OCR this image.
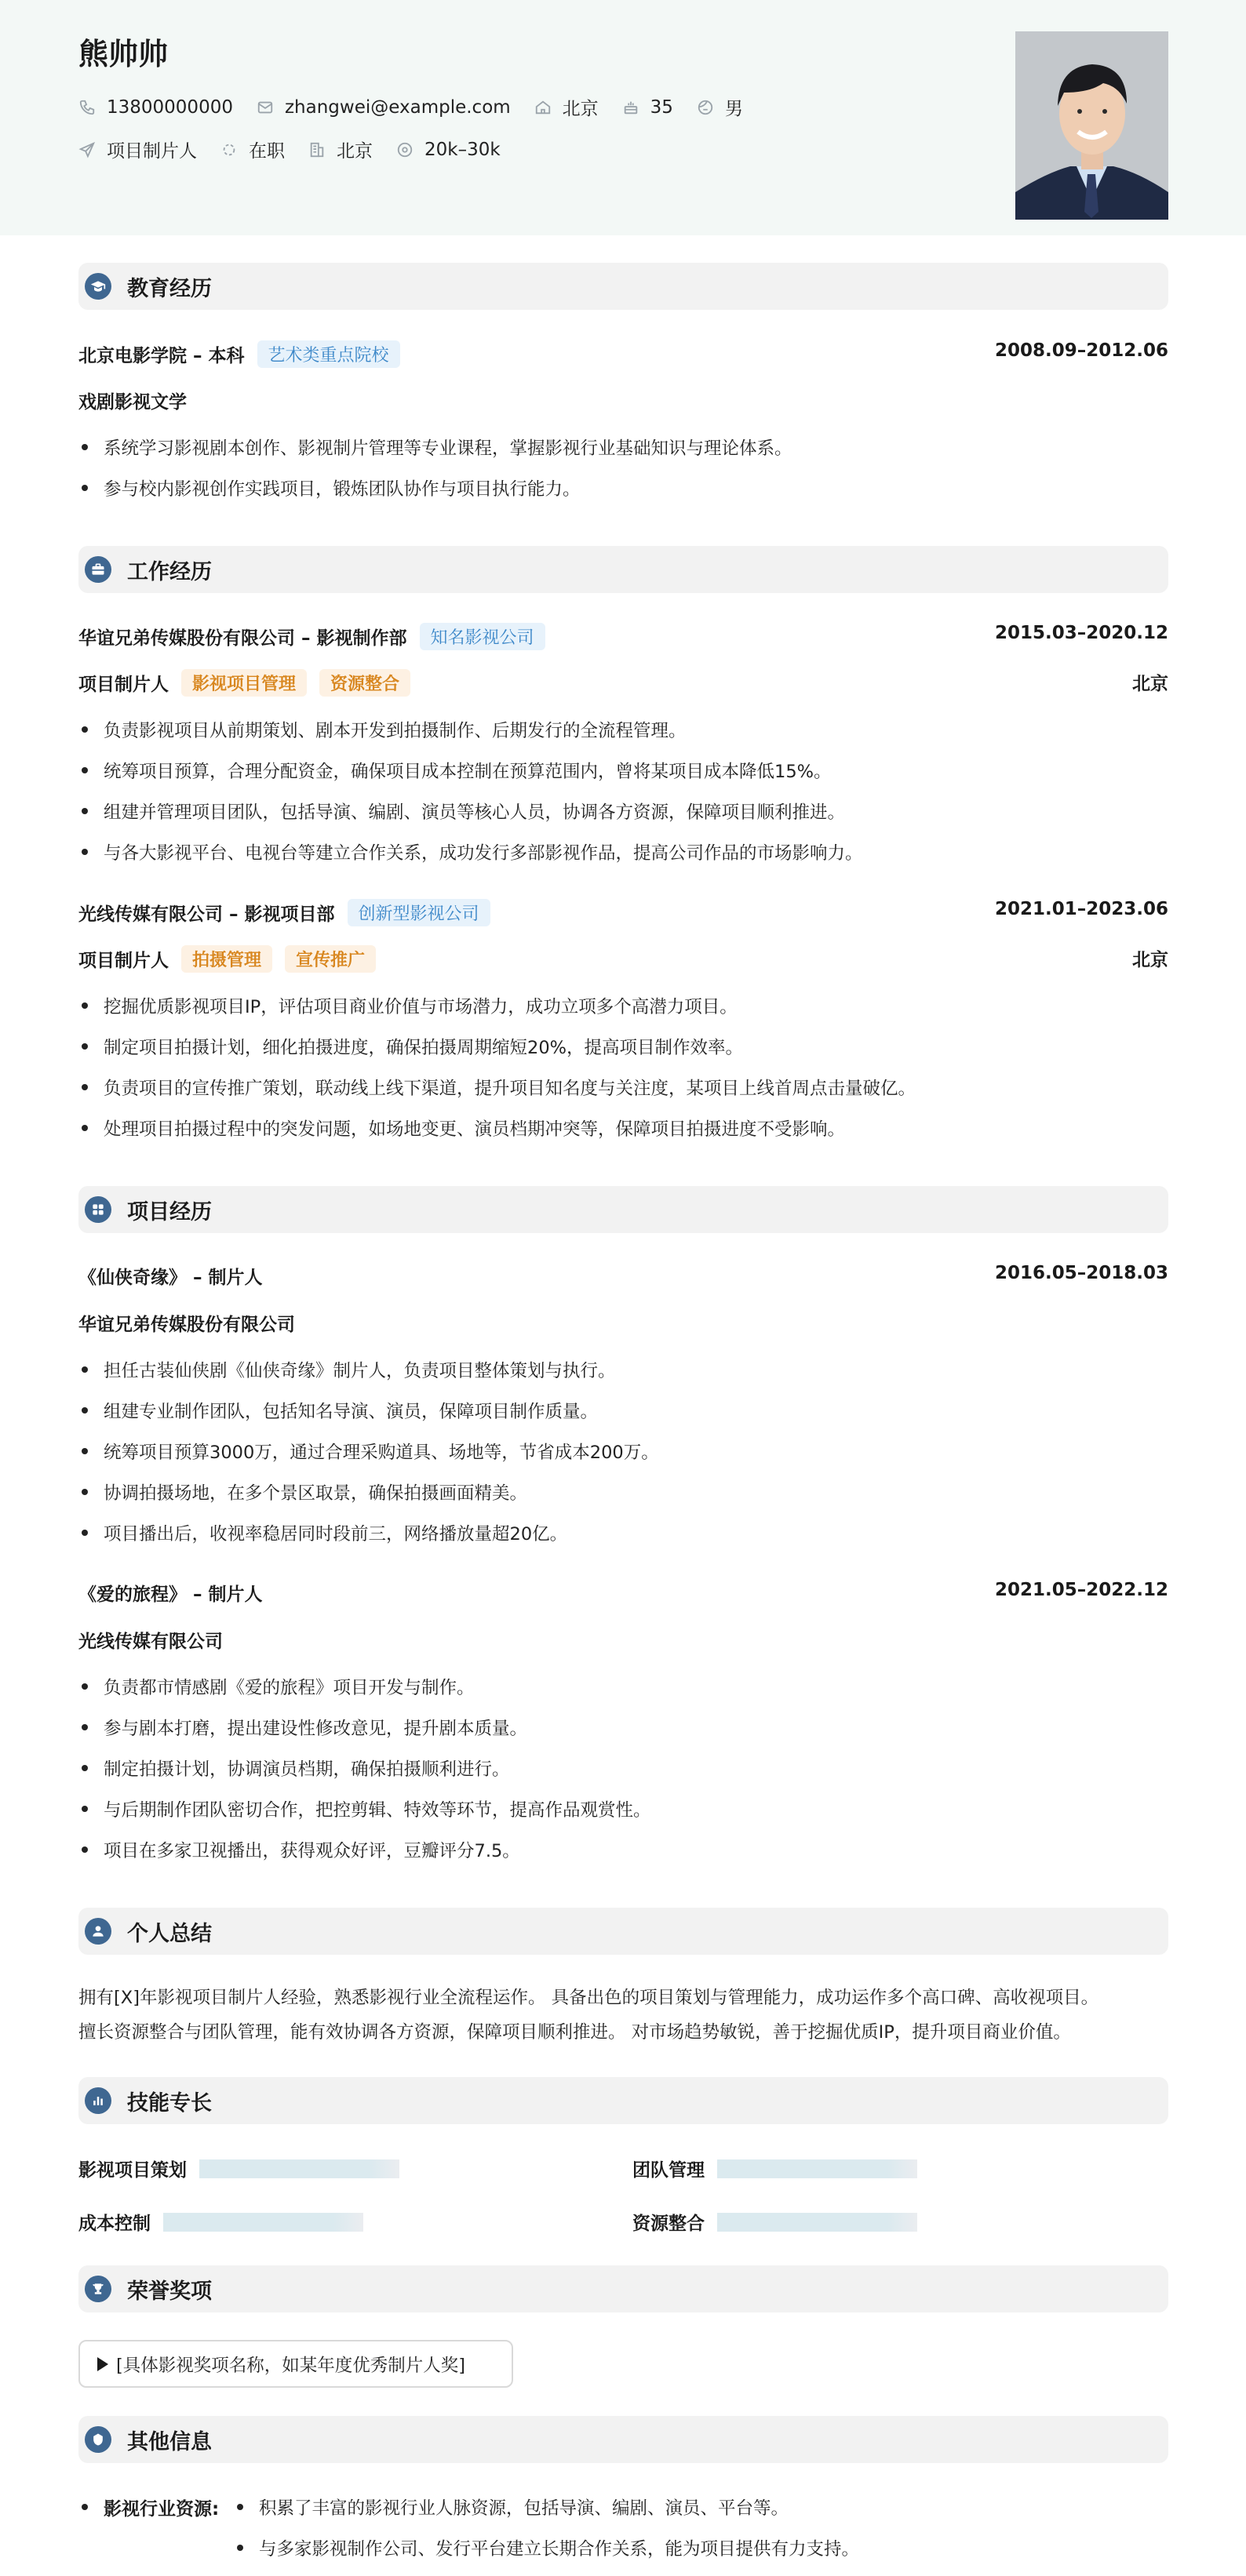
熊帅帅
13800000000	zhangwei@example.com	北京	35	男
项目制片人	在职	北京	20k–30k
教育经历
北京电影学院 – 本科	艺术类重点院校	2008.09–2012.06
戏剧影视文学
系统学习影视剧本创作、影视制片管理等专业课程，掌握影视行业基础知识与理论体系。
参与校内影视创作实践项目，锻炼团队协作与项目执行能力。
工作经历
华谊兄弟传媒股份有限公司 – 影视制作部	知名影视公司	2015.03–2020.12
项目制片人	影视项目管理	资源整合	北京
负责影视项目从前期策划、剧本开发到拍摄制作、后期发行的全流程管理。
统筹项目预算，合理分配资金，确保项目成本控制在预算范围内，曾将某项目成本降低15%。
组建并管理项目团队，包括导演、编剧、演员等核心人员，协调各方资源，保障项目顺利推进。
与各大影视平台、电视台等建立合作关系，成功发行多部影视作品，提高公司作品的市场影响力。
光线传媒有限公司 – 影视项目部	创新型影视公司	2021.01–2023.06
项目制片人	拍摄管理	宣传推广	北京
挖掘优质影视项目IP，评估项目商业价值与市场潜力，成功立项多个高潜力项目。
制定项目拍摄计划，细化拍摄进度，确保拍摄周期缩短20%，提高项目制作效率。
负责项目的宣传推广策划，联动线上线下渠道，提升项目知名度与关注度，某项目上线首周点击量破亿。
处理项目拍摄过程中的突发问题，如场地变更、演员档期冲突等，保障项目拍摄进度不受影响。
项目经历
《仙侠奇缘》 – 制片人	2016.05–2018.03
华谊兄弟传媒股份有限公司
担任古装仙侠剧《仙侠奇缘》制片人，负责项目整体策划与执行。
组建专业制作团队，包括知名导演、演员，保障项目制作质量。
统筹项目预算3000万，通过合理采购道具、场地等，节省成本200万。
协调拍摄场地，在多个景区取景，确保拍摄画面精美。
项目播出后，收视率稳居同时段前三，网络播放量超20亿。
《爱的旅程》 – 制片人	2021.05–2022.12
光线传媒有限公司
负责都市情感剧《爱的旅程》项目开发与制作。
参与剧本打磨，提出建设性修改意见，提升剧本质量。
制定拍摄计划，协调演员档期，确保拍摄顺利进行。
与后期制作团队密切合作，把控剪辑、特效等环节，提高作品观赏性。
项目在多家卫视播出，获得观众好评，豆瓣评分7.5。
个人总结
拥有[X]年影视项目制片人经验，熟悉影视行业全流程运作。 具备出色的项目策划与管理能力，成功运作多个高口碑、高收视项目。
擅长资源整合与团队管理，能有效协调各方资源，保障项目顺利推进。 对市场趋势敏锐，善于挖掘优质IP，提升项目商业价值。
技能专长
影视项目策划	团队管理
成本控制	资源整合
荣誉奖项
[具体影视奖项名称，如某年度优秀制片人奖]
其他信息
影视行业资源:	积累了丰富的影视行业人脉资源，包括导演、编剧、演员、平台等。
与多家影视制作公司、发行平台建立长期合作关系，能为项目提供有力支持。
